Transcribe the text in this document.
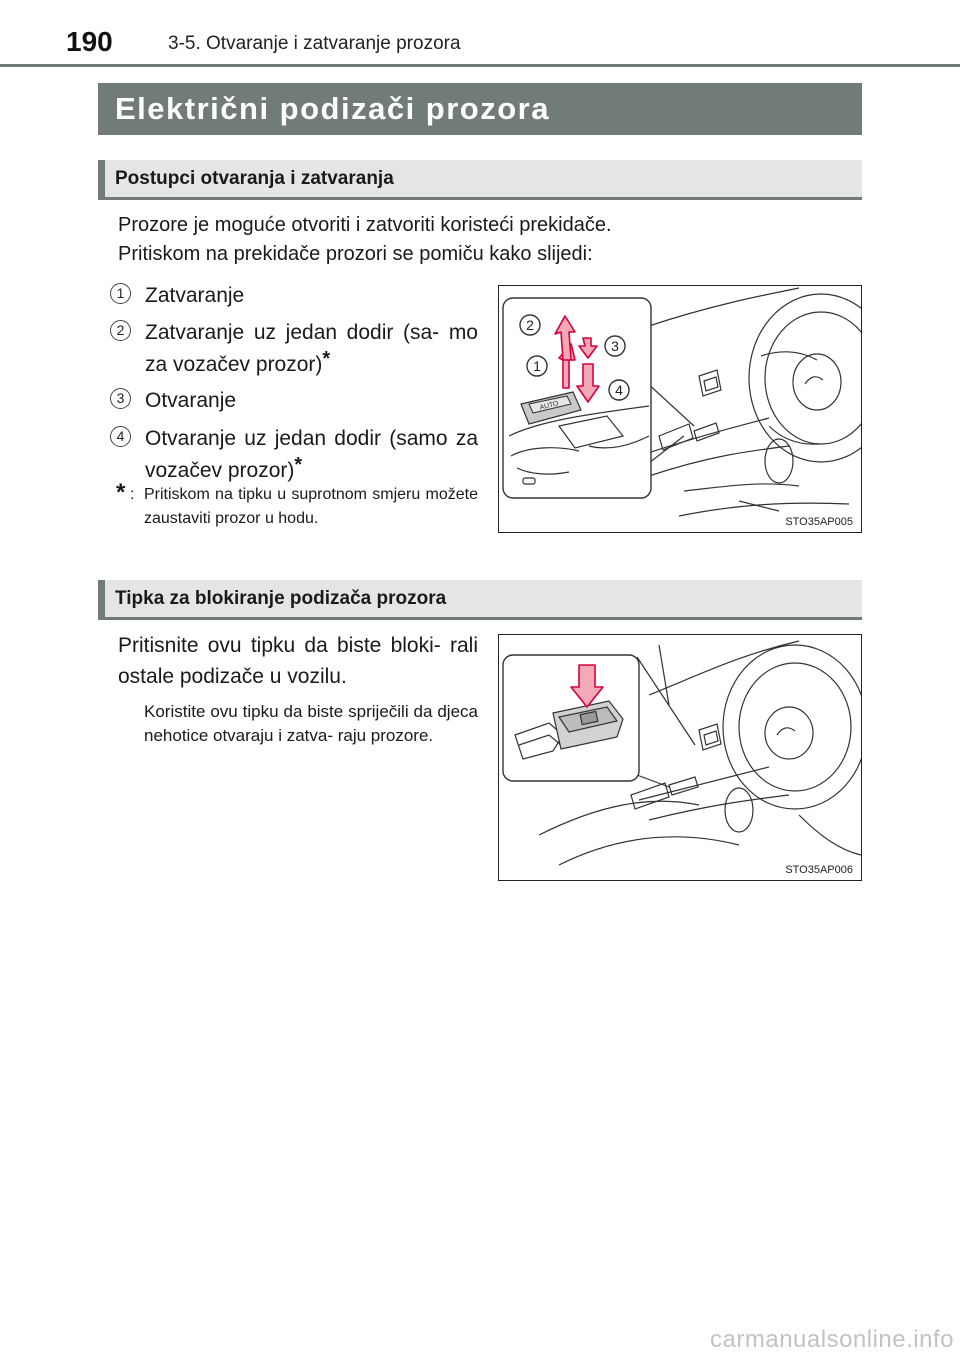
190	3-5. Otvaranje i zatvaranje prozora
Električni podizači prozora
Postupci otvaranja i zatvaranja
Prozore je moguće otvoriti i zatvoriti koristeći prekidače.
Pritiskom na prekidače prozori se pomiču kako slijedi:
1 Zatvaranje
2 Zatvaranje uz jedan dodir (sa- mo za vozačev prozor)*
3 Otvaranje
4 Otvaranje uz jedan dodir (samo za vozačev prozor)*
* : Pritiskom na tipku u suprotnom smjeru možete zaustaviti prozor u hodu.
AUTO
2
3
1
4
STO35AP005
Tipka za blokiranje podizača prozora
Pritisnite ovu tipku da biste bloki- rali ostale podizače u vozilu.
Koristite ovu tipku da biste spriječili da djeca nehotice otvaraju i zatva- raju prozore.
STO35AP006
carmanualsonline.info
